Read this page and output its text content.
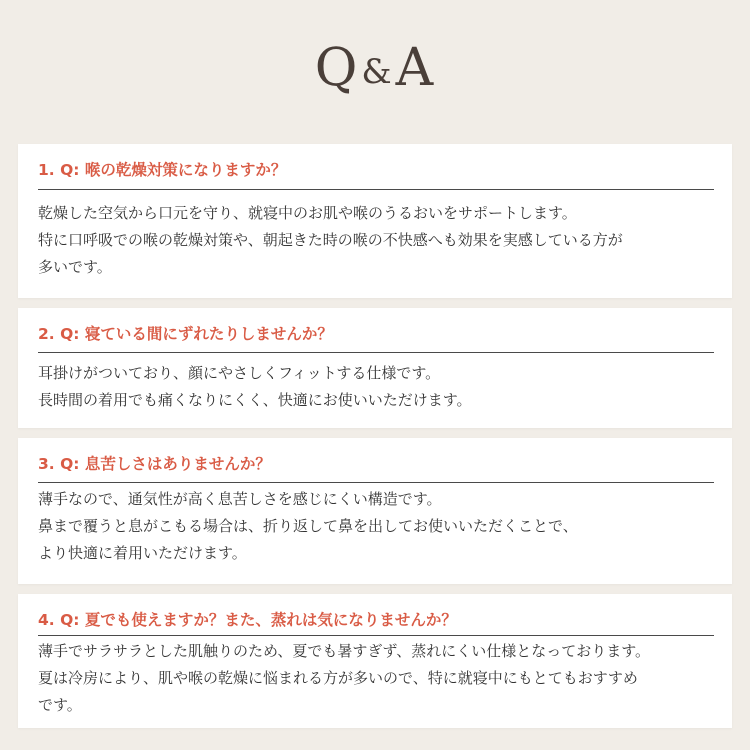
Q&A
1. Q: 喉の乾燥対策になりますか？
乾燥した空気から口元を守り、就寝中のお肌や喉のうるおいをサポートします。
特に口呼吸での喉の乾燥対策や、朝起きた時の喉の不快感へも効果を実感している方が
多いです。
2. Q: 寝ている間にずれたりしませんか？
耳掛けがついており、顔にやさしくフィットする仕様です。
長時間の着用でも痛くなりにくく、快適にお使いいただけます。
3. Q: 息苦しさはありませんか？
薄手なので、通気性が高く息苦しさを感じにくい構造です。
鼻まで覆うと息がこもる場合は、折り返して鼻を出してお使いいただくことで、
より快適に着用いただけます。
4. Q: 夏でも使えますか？また、蒸れは気になりませんか？
薄手でサラサラとした肌触りのため、夏でも暑すぎず、蒸れにくい仕様となっております。
夏は冷房により、肌や喉の乾燥に悩まれる方が多いので、特に就寝中にもとてもおすすめ
です。
